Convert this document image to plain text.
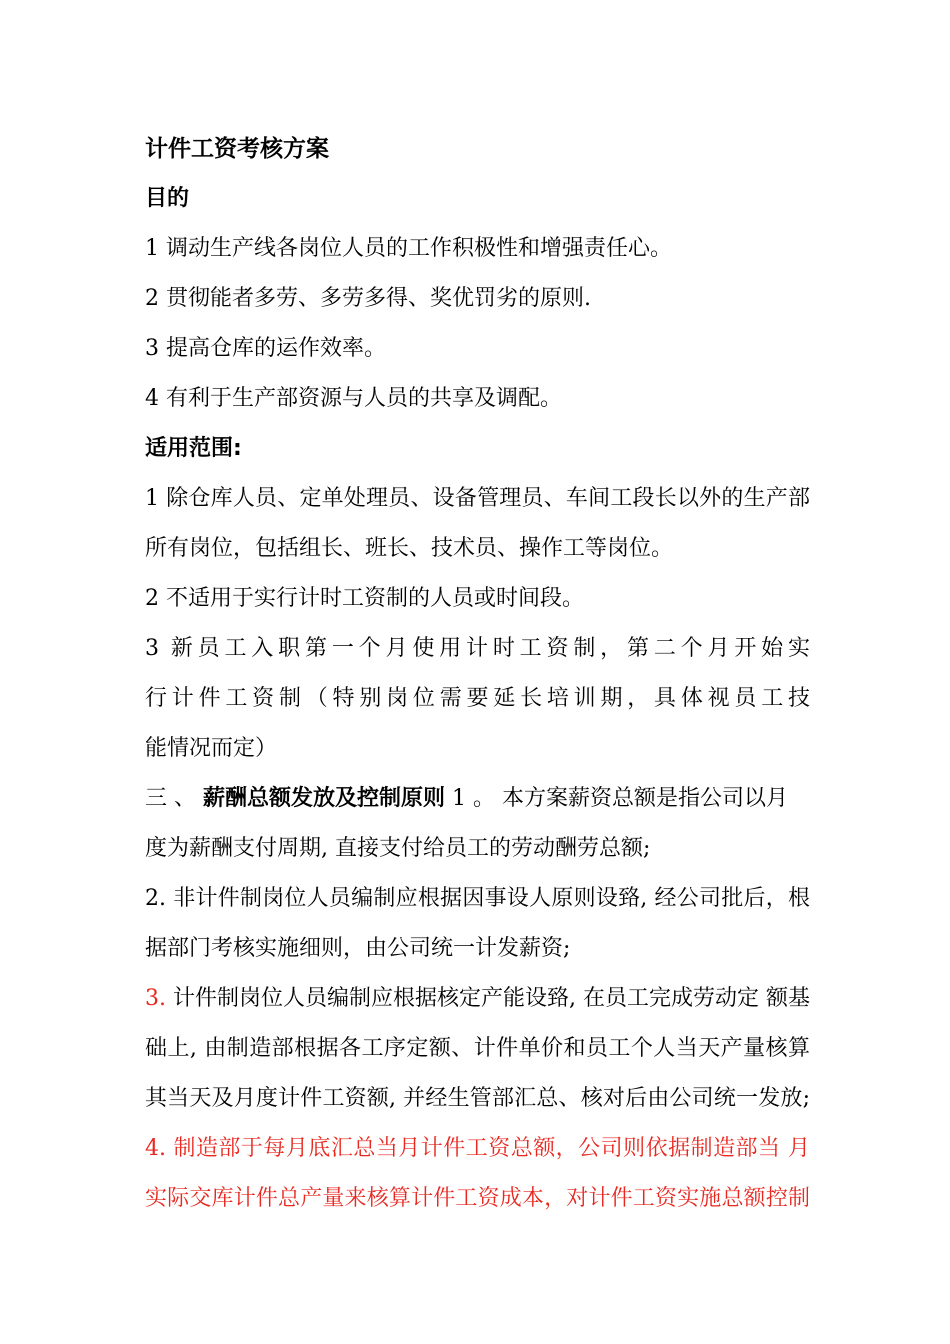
计件工资考核方案
目的
1 调动生产线各岗位人员的工作积极性和增强责任心。
2 贯彻能者多劳、多劳多得、奖优罚劣的原则.
3 提高仓库的运作效率。
4 有利于生产部资源与人员的共享及调配。
适用范围:
1 除仓库人员、定单处理员、设备管理员、车间工段长以外的生产部
所有岗位，包括组长、班长、技术员、操作工等岗位。
2 不适用于实行计时工资制的人员或时间段。
3 新员工入职第一个月使用计时工资制，第二个月开始实
行计件工资制（特别岗位需要延长培训期，具体视员工技
能情况而定）
三 、 薪酬总额发放及控制原则 1 。 本方案薪资总额是指公司以月
度为薪酬支付周期, 直接支付给员工的劳动酬劳总额;
2. 非计件制岗位人员编制应根据因事设人原则设臵, 经公司批后，根
据部门考核实施细则，由公司统一计发薪资;
3. 计件制岗位人员编制应根据核定产能设臵, 在员工完成劳动定 额基
础上, 由制造部根据各工序定额、计件单价和员工个人当天产量核算
其当天及月度计件工资额, 并经生管部汇总、核对后由公司统一发放;
4. 制造部于每月底汇总当月计件工资总额，公司则依据制造部当 月
实际交库计件总产量来核算计件工资成本，对计件工资实施总额控制
